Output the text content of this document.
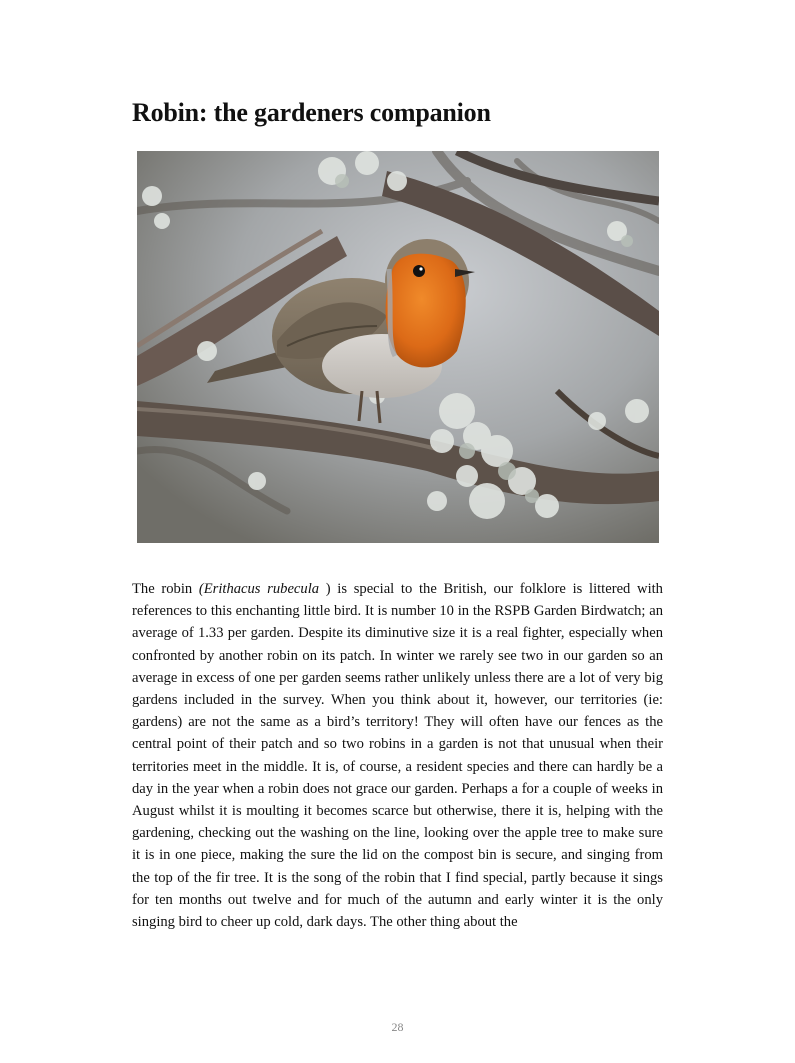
Robin: the gardeners companion

The robin (Erithacus rubecula ) is special to the British, our folklore is littered with references to this enchanting little bird. It is number 10 in the RSPB Garden Birdwatch; an average of 1.33 per garden. Despite its diminutive size it is a real fighter, especially when confronted by another robin on its patch. In winter we rarely see two in our garden so an average in excess of one per garden seems rather unlikely unless there are a lot of very big gardens included in the survey. When you think about it, however, our territories (ie: gardens) are not the same as a bird’s territory! They will often have our fences as the central point of their patch and so two robins in a garden is not that unusual when their territories meet in the middle. It is, of course, a resident species and there can hardly be a day in the year when a robin does not grace our garden. Perhaps a for a couple of weeks in August whilst it is moulting it becomes scarce but otherwise, there it is, helping with the gardening, checking out the washing on the line, looking over the apple tree to make sure it is in one piece, making the sure the lid on the compost bin is secure, and singing from the top of the fir tree. It is the song of the robin that I find special, partly because it sings for ten months out twelve and for much of the autumn and early winter it is the only singing bird to cheer up cold, dark days. The other thing about the

28
